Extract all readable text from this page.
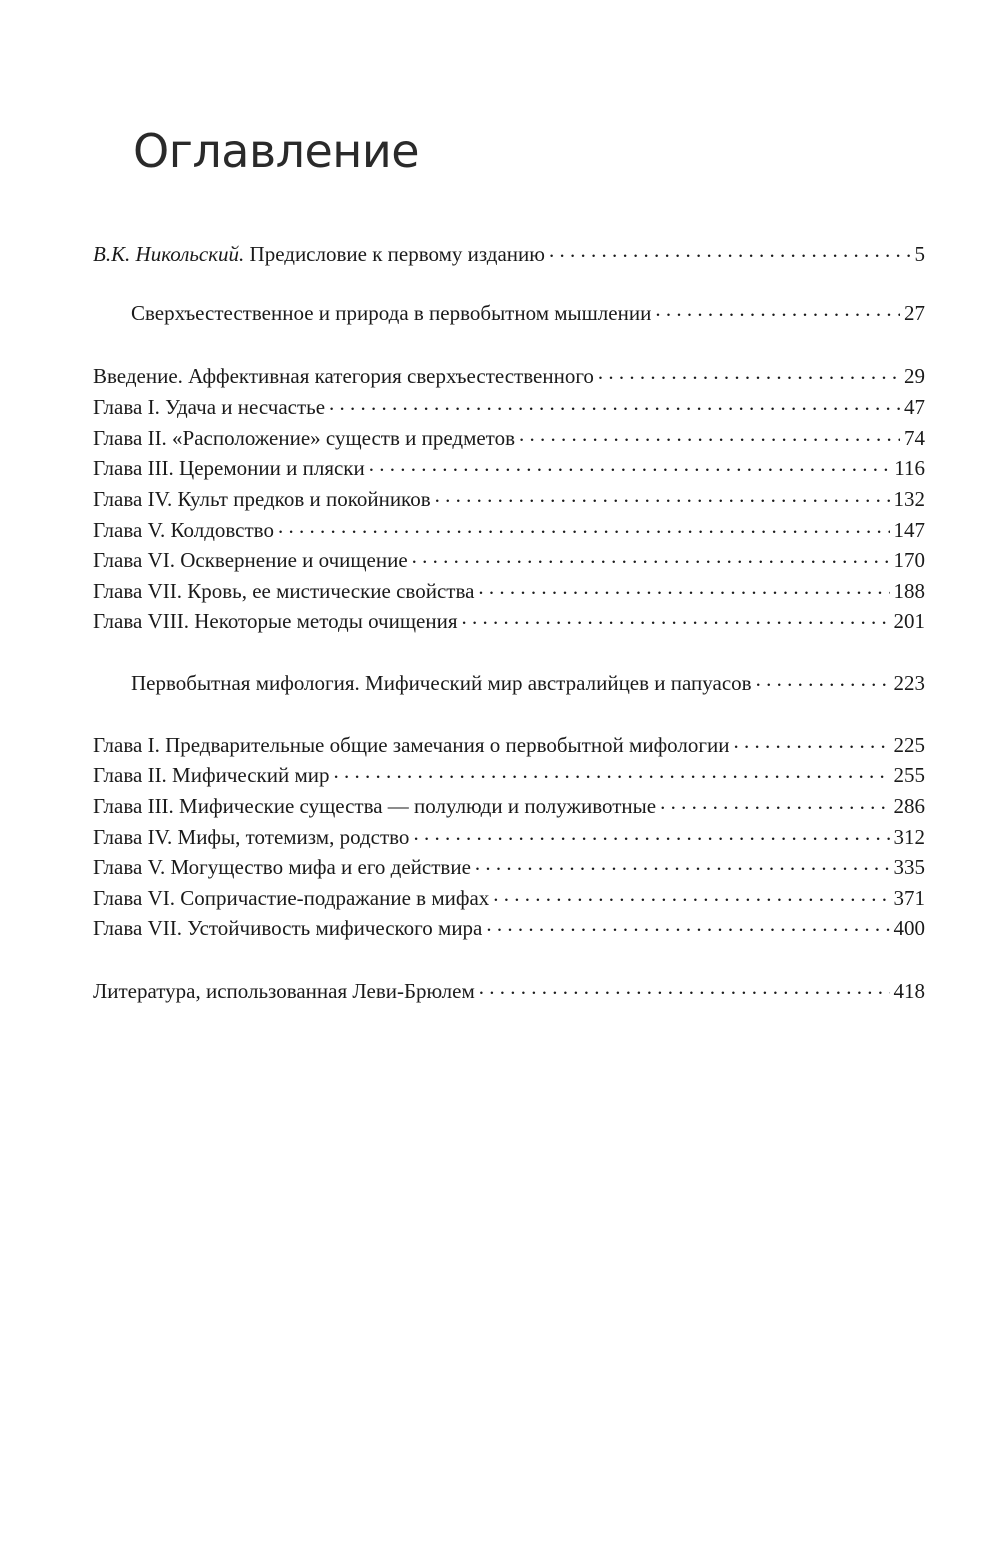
Оглавление
В.К. Никольский. Предисловие к первому изданию . . .	5
Сверхъестественное и природа в первобытном мышлении . . .	27
Введение. Аффективная категория сверхъестественного . . .	29
Глава I. Удача и несчастье . . .	47
Глава II. «Расположение» существ и предметов . . .	74
Глава III. Церемонии и пляски . . .	116
Глава IV. Культ предков и покойников . . .	132
Глава V. Колдовство . . .	147
Глава VI. Осквернение и очищение . . .	170
Глава VII. Кровь, ее мистические свойства . . .	188
Глава VIII. Некоторые методы очищения . . .	201
Первобытная мифология. Мифический мир австралийцев и папуасов . . .	223
Глава I. Предварительные общие замечания о первобытной мифологии . . .	225
Глава II. Мифический мир . . .	255
Глава III. Мифические существа — полулюди и полуживотные . . .	286
Глава IV. Мифы, тотемизм, родство . . .	312
Глава V. Могущество мифа и его действие . . .	335
Глава VI. Сопричастие-подражание в мифах . . .	371
Глава VII. Устойчивость мифического мира . . .	400
Литература, использованная Леви-Брюлем . . .	418
